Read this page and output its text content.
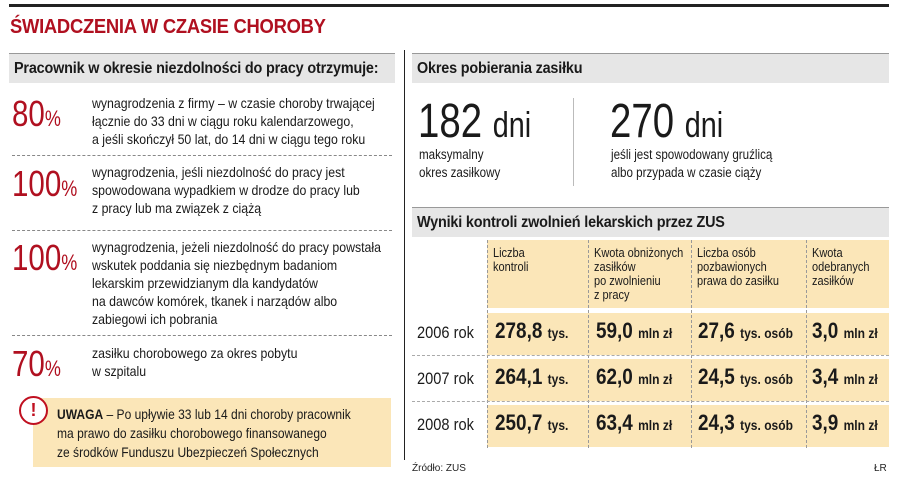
ŚWIADCZENIA W CZASIE CHOROBY
Pracownik w okresie niezdolności do pracy otrzymuje:
80%
wynagrodzenia z firmy – w czasie choroby trwającej
łącznie do 33 dni w ciągu roku kalendarzowego,
a jeśli skończył 50 lat, do 14 dni w ciągu tego roku
100%
wynagrodzenia, jeśli niezdolność do pracy jest
spowodowana wypadkiem w drodze do pracy lub
z pracy lub ma związek z ciążą
100%
wynagrodzenia, jeżeli niezdolność do pracy powstała
wskutek poddania się niezbędnym badaniom
lekarskim przewidzianym dla kandydatów
na dawców komórek, tkanek i narządów albo
zabiegowi ich pobrania
70%
zasiłku chorobowego za okres pobytu
w szpitalu
!	UWAGA – Po upływie 33 lub 14 dni choroby pracownik
ma prawo do zasiłku chorobowego finansowanego
ze środków Funduszu Ubezpieczeń Społecznych
Okres pobierania zasiłku
182 dni
maksymalny
okres zasiłkowy
270 dni
jeśli jest spowodowany gruźlicą
albo przypada w czasie ciąży
Wyniki kontroli zwolnień lekarskich przez ZUS
Liczba
kontroli
Kwota obniżonych
zasiłków
po zwolnieniu
z pracy
Liczba osób
pozbawionych
prawa do zasiłku
Kwota
odebranych
zasiłków
2006 rok 278,8 tys. 59,0 mln zł 27,6 tys. osób 3,0 mln zł
2007 rok 264,1 tys. 62,0 mln zł 24,5 tys. osób 3,4 mln zł
2008 rok 250,7 tys. 63,4 mln zł 24,3 tys. osób 3,9 mln zł
Źródło: ZUS	ŁR
